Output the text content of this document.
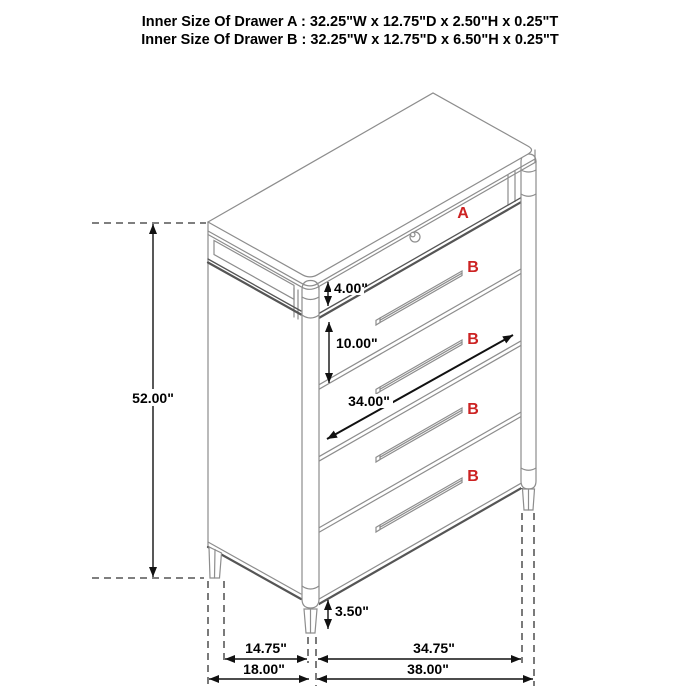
52.00"
4.00"
10.00"
34.00"
3.50"
14.75"	34.75"
18.00"	38.00"
A
B
B
B
B
Inner Size Of Drawer A : 32.25"W x 12.75"D x 2.50"H x 0.25"T
Inner Size Of Drawer B : 32.25"W x 12.75"D x 6.50"H x 0.25"T
